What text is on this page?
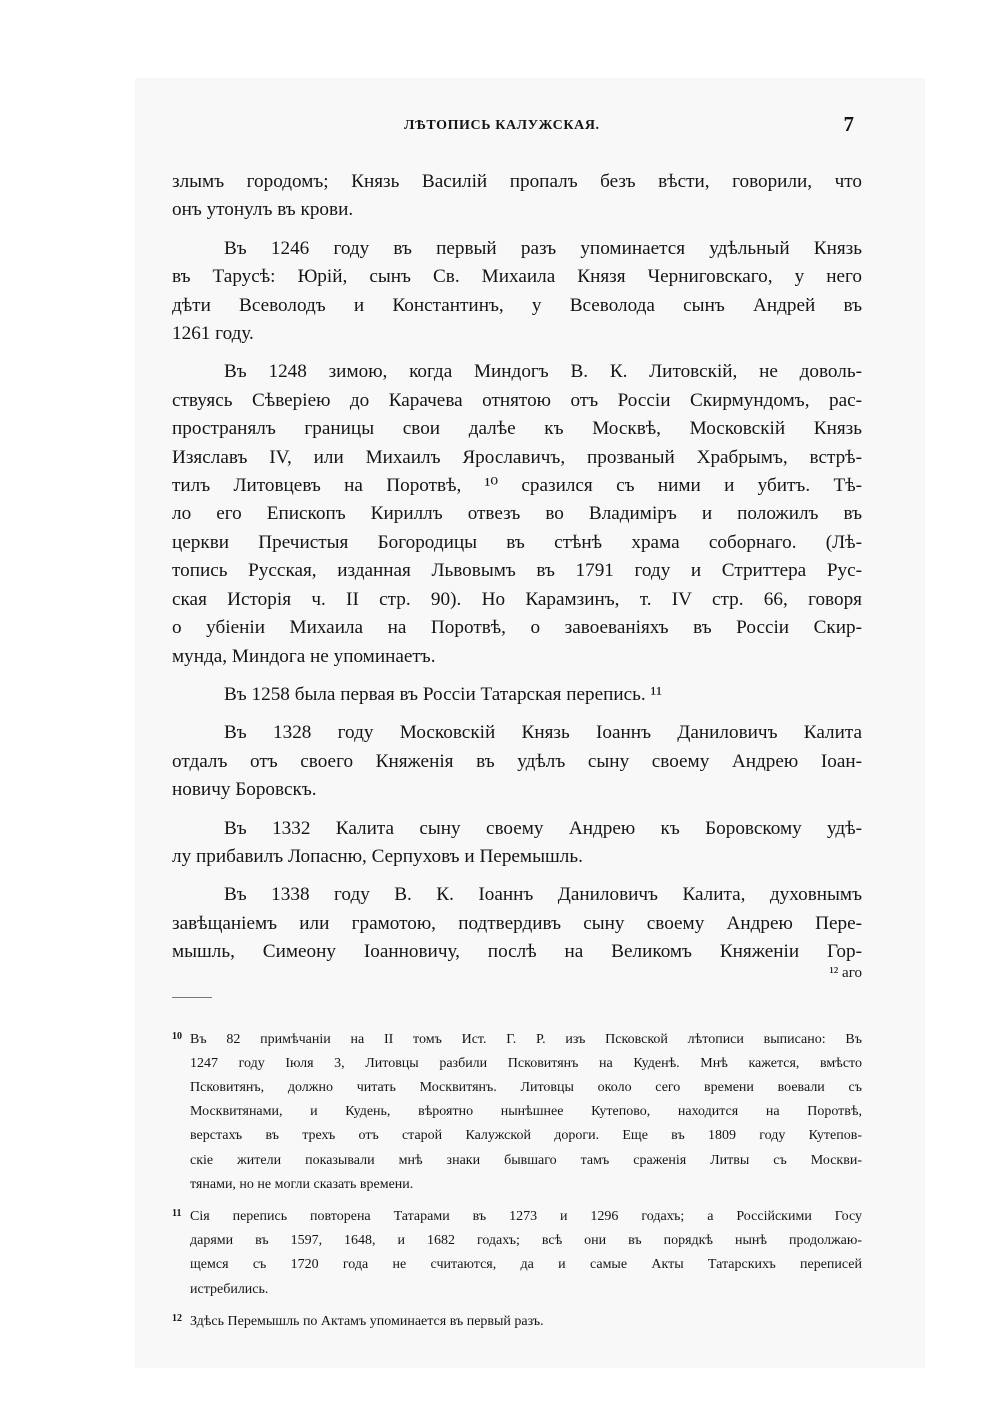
ЛѢТОПИСЬ КАЛУЖСКАЯ.	7
злымъ городомъ; Князь Василій пропалъ безъ вѣсти, говорили, что
онъ утонулъ въ крови.
Въ 1246 году въ первый разъ упоминается удѣльный Князь
въ Тарусѣ: Юрій, сынъ Св. Михаила Князя Черниговскаго, у него
дѣти Всеволодъ и Константинъ, у Всеволода сынъ Андрей въ
1261 году.
Въ 1248 зимою, когда Миндогъ В. К. Литовскій, не доволь-
ствуясь Сѣверіею до Карачева отнятою отъ Россіи Скирмундомъ, рас-
пространялъ границы свои далѣе къ Москвѣ, Московскій Князь
Изяславъ IV, или Михаилъ Ярославичъ, прозваный Храбрымъ, встрѣ-
тилъ Литовцевъ на Поротвѣ, ¹⁰ сразился съ ними и убитъ. Тѣ-
ло его Епископъ Кириллъ отвезъ во Владиміръ и положилъ въ
церкви Пречистыя Богородицы въ стѣнѣ храма соборнаго. (Лѣ-
топись Русская, изданная Львовымъ въ 1791 году и Стриттера Рус-
ская Исторія ч. II стр. 90). Но Карамзинъ, т. IV стр. 66, говоря
о убіеніи Михаила на Поротвѣ, о завоеваніяхъ въ Россіи Скир-
мунда, Миндога не упоминаетъ.
Въ 1258 была первая въ Россіи Татарская перепись. ¹¹
Въ 1328 году Московскій Князь Іоаннъ Даниловичъ Калита
отдалъ отъ своего Княженія въ удѣлъ сыну своему Андрею Іоан-
новичу Боровскъ.
Въ 1332 Калита сыну своему Андрею къ Боровскому удѣ-
лу прибавилъ Лопасню, Серпуховъ и Перемышль.
Въ 1338 году В. К. Іоаннъ Даниловичъ Калита, духовнымъ
завѣщаніемъ или грамотою, подтвердивъ сыну своему Андрею Пере-
мышль, Симеону Іоанновичу, послѣ на Великомъ Княженіи Гор-
¹² аго
10 Въ 82 примѣчаніи на II томъ Ист. Г. Р. изъ Псковской лѣтописи выписано: Въ
1247 году Іюля 3, Литовцы разбили Псковитянъ на Куденѣ. Мнѣ кажется, вмѣсто
Псковитянъ, должно читать Москвитянъ. Литовцы около сего времени воевали съ
Москвитянами, и Кудень, вѣроятно нынѣшнее Кутепово, находится на Поротвѣ,
верстахъ въ трехъ отъ старой Калужской дороги. Еще въ 1809 году Кутепов-
скіе жители показывали мнѣ знаки бывшаго тамъ сраженія Литвы съ Москви-
тянами, но не могли сказать времени.
11 Сія перепись повторена Татарами въ 1273 и 1296 годахъ; а Россійскими Госу
дарями въ 1597, 1648, и 1682 годахъ; всѣ они въ порядкѣ нынѣ продолжаю-
щемся съ 1720 года не считаются, да и самые Акты Татарскихъ переписей
истребились.
12 Здѣсь Перемышль по Актамъ упоминается въ первый разъ.
